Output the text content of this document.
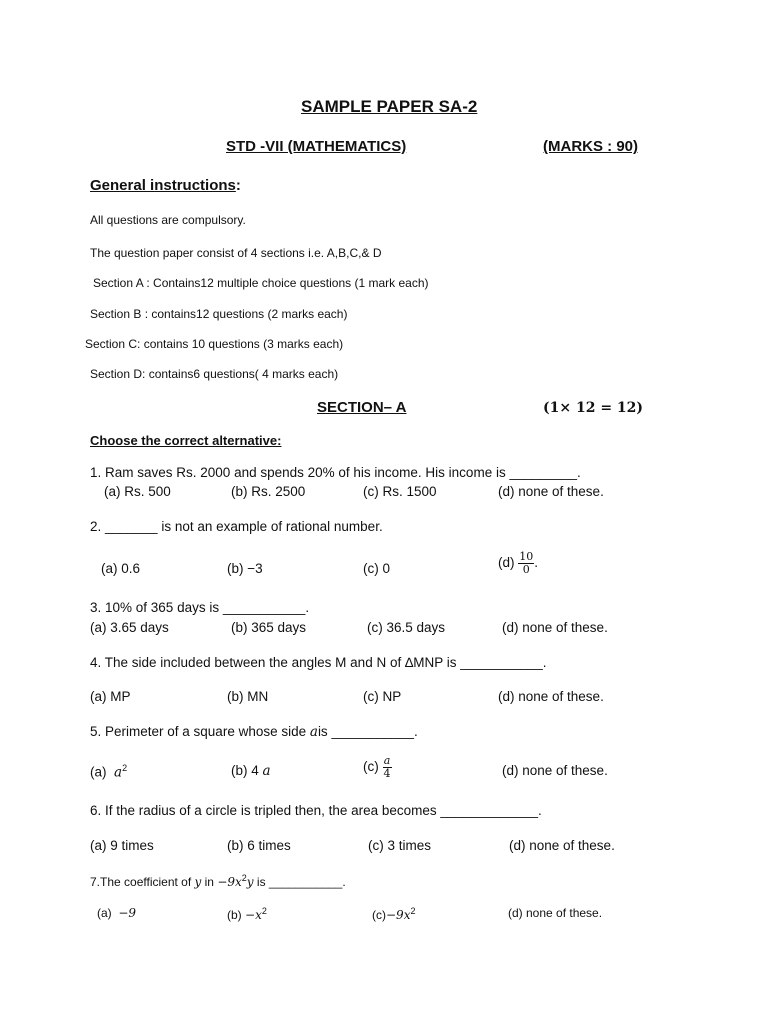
SAMPLE PAPER SA-2
STD -VII (MATHEMATICS)	(MARKS : 90)
General instructions:
All questions are compulsory.
The question paper consist of 4 sections i.e. A,B,C,& D
Section A : Contains12 multiple choice questions (1 mark each)
Section B : contains12 questions (2 marks each)
Section C: contains 10 questions (3 marks each)
Section D: contains6 questions( 4 marks each)
SECTION– A	(1× 12 = 12)
Choose the correct alternative:
1. Ram saves Rs. 2000 and spends 20% of his income. His income is _________.
(a) Rs. 500	(b) Rs. 2500	(c) Rs. 1500	(d) none of these.
2. _______ is not an example of rational number.
(a) 0.6	(b) −3	(c) 0	$(d) \frac{10}{0}$ .
3. 10% of 365 days is ___________.
(a) 3.65 days	(b) 365 days	(c) 36.5 days	(d) none of these.
4. The side included between the angles M and N of ∆MNP is ___________.
(a) MP	(b) MN	(c) NP	(d) none of these.
5. Perimeter of a square whose side ais ___________.
(a) $a^2$	(b) 4 a	$(c) \frac{a}{4}$	(d) none of these.
6. If the radius of a circle is tripled then, the area becomes _____________.
(a) 9 times	(b) 6 times	(c) 3 times	(d) none of these.
7.The coefficient of y in $-9x^2y$ is ___________.
(a) −9	$(b) -x^2$	$(c)-9x^2$	(d) none of these.
